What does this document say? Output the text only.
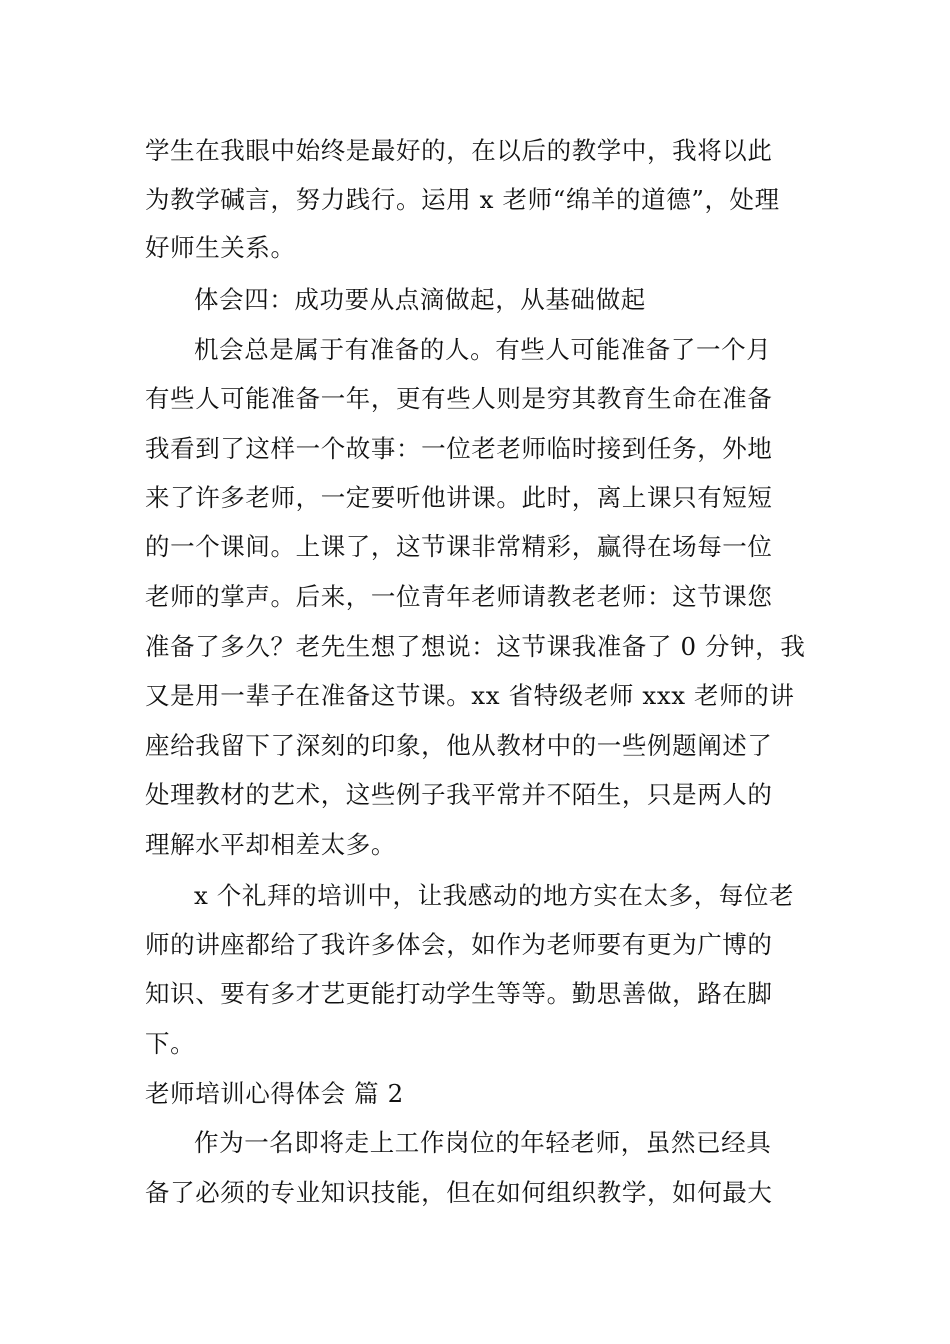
学生在我眼中始终是最好的，在以后的教学中，我将以此
为教学碱言，努力践行。运用 x 老师“绵羊的道德”，处理
好师生关系。
体会四：成功要从点滴做起，从基础做起
机会总是属于有准备的人。有些人可能准备了一个月
有些人可能准备一年，更有些人则是穷其教育生命在准备
我看到了这样一个故事：一位老老师临时接到任务，外地
来了许多老师，一定要听他讲课。此时，离上课只有短短
的一个课间。上课了，这节课非常精彩，赢得在场每一位
老师的掌声。后来，一位青年老师请教老老师：这节课您
准备了多久？老先生想了想说：这节课我准备了 0 分钟，我
又是用一辈子在准备这节课。xx 省特级老师 xxx 老师的讲
座给我留下了深刻的印象，他从教材中的一些例题阐述了
处理教材的艺术，这些例子我平常并不陌生，只是两人的
理解水平却相差太多。
x 个礼拜的培训中，让我感动的地方实在太多，每位老
师的讲座都给了我许多体会，如作为老师要有更为广博的
知识、要有多才艺更能打动学生等等。勤思善做，路在脚
下。
老师培训心得体会 篇 2
作为一名即将走上工作岗位的年轻老师，虽然已经具
备了必须的专业知识技能，但在如何组织教学，如何最大
